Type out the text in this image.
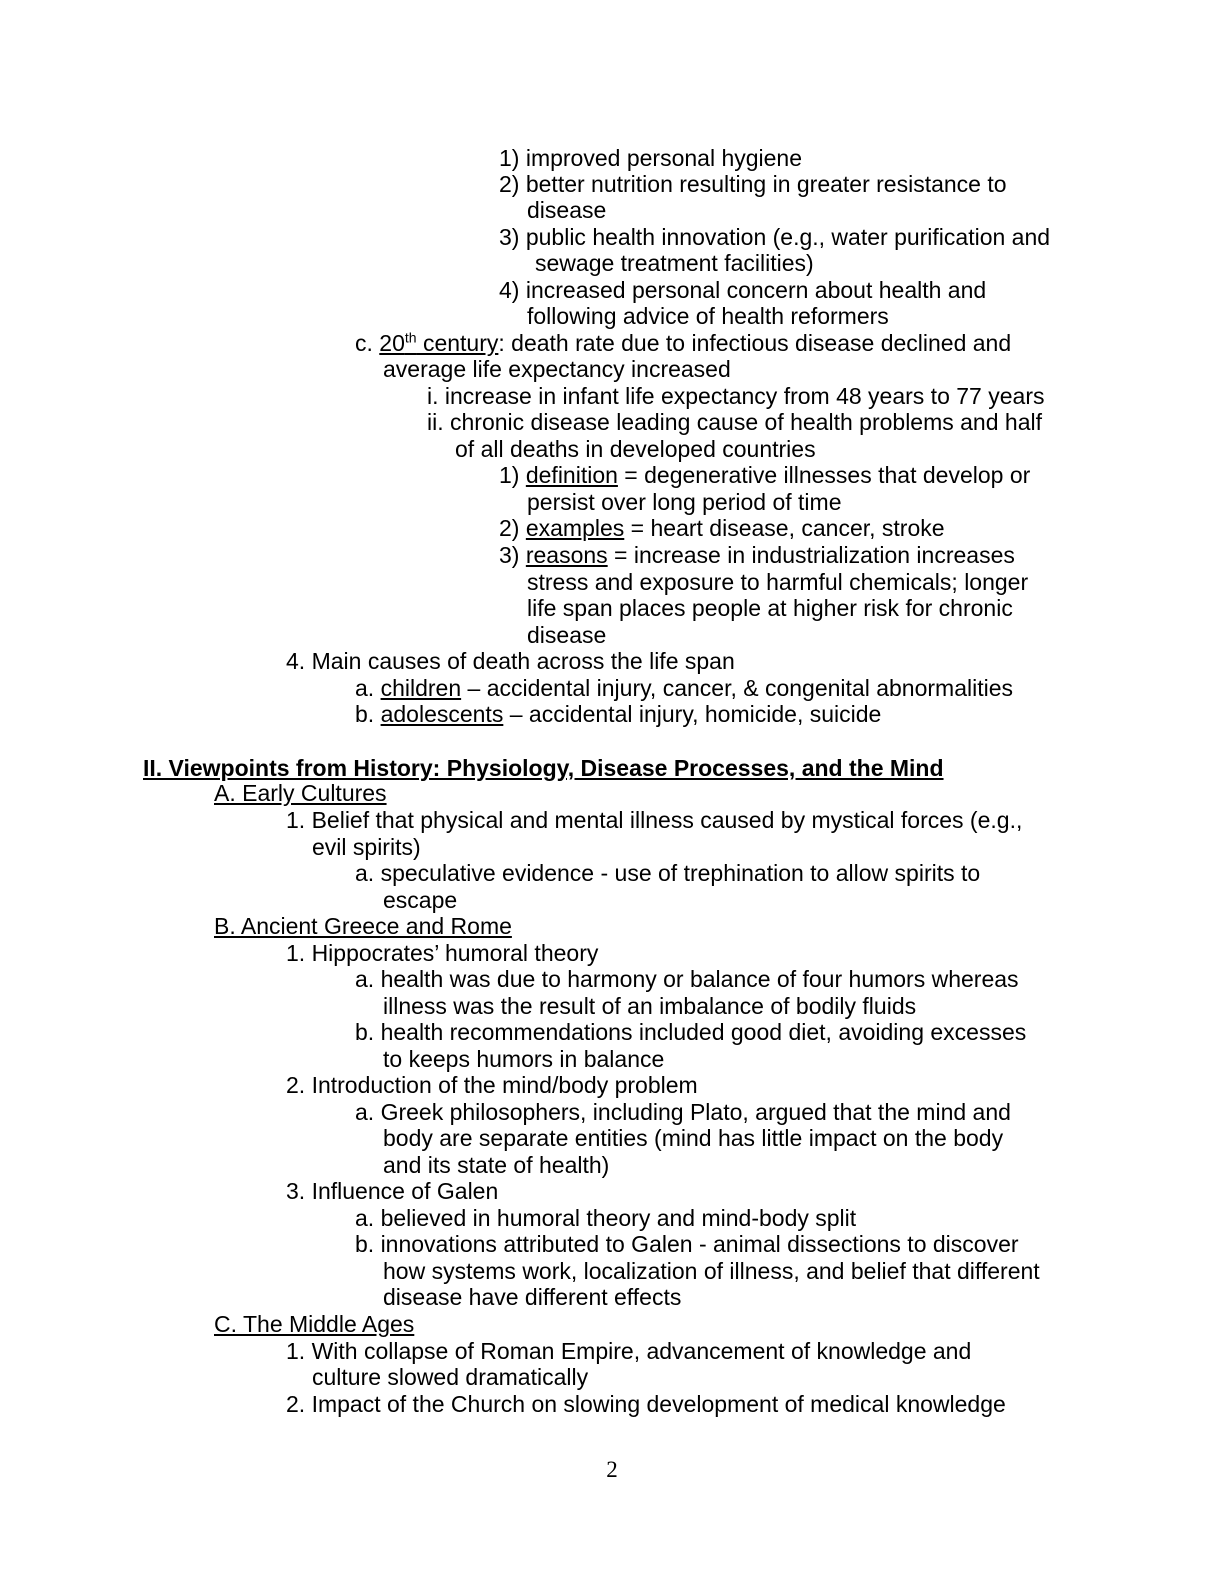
1) improved personal hygiene
2) better nutrition resulting in greater resistance to
disease
3) public health innovation (e.g., water purification and
sewage treatment facilities)
4) increased personal concern about health and
following advice of health reformers
c. 20th century: death rate due to infectious disease declined and
average life expectancy increased
i. increase in infant life expectancy from 48 years to 77 years
ii. chronic disease leading cause of health problems and half
of all deaths in developed countries
1) definition = degenerative illnesses that develop or
persist over long period of time
2) examples = heart disease, cancer, stroke
3) reasons = increase in industrialization increases
stress and exposure to harmful chemicals; longer
life span places people at higher risk for chronic
disease
4. Main causes of death across the life span
a. children – accidental injury, cancer, & congenital abnormalities
b. adolescents – accidental injury, homicide, suicide
II. Viewpoints from History: Physiology, Disease Processes, and the Mind
A. Early Cultures
1. Belief that physical and mental illness caused by mystical forces (e.g.,
evil spirits)
a. speculative evidence - use of trephination to allow spirits to
escape
B. Ancient Greece and Rome
1. Hippocrates’ humoral theory
a. health was due to harmony or balance of four humors whereas
illness was the result of an imbalance of bodily fluids
b. health recommendations included good diet, avoiding excesses
to keeps humors in balance
2. Introduction of the mind/body problem
a. Greek philosophers, including Plato, argued that the mind and
body are separate entities (mind has little impact on the body
and its state of health)
3. Influence of Galen
a. believed in humoral theory and mind-body split
b. innovations attributed to Galen - animal dissections to discover
how systems work, localization of illness, and belief that different
disease have different effects
C. The Middle Ages
1. With collapse of Roman Empire, advancement of knowledge and
culture slowed dramatically
2. Impact of the Church on slowing development of medical knowledge
2
